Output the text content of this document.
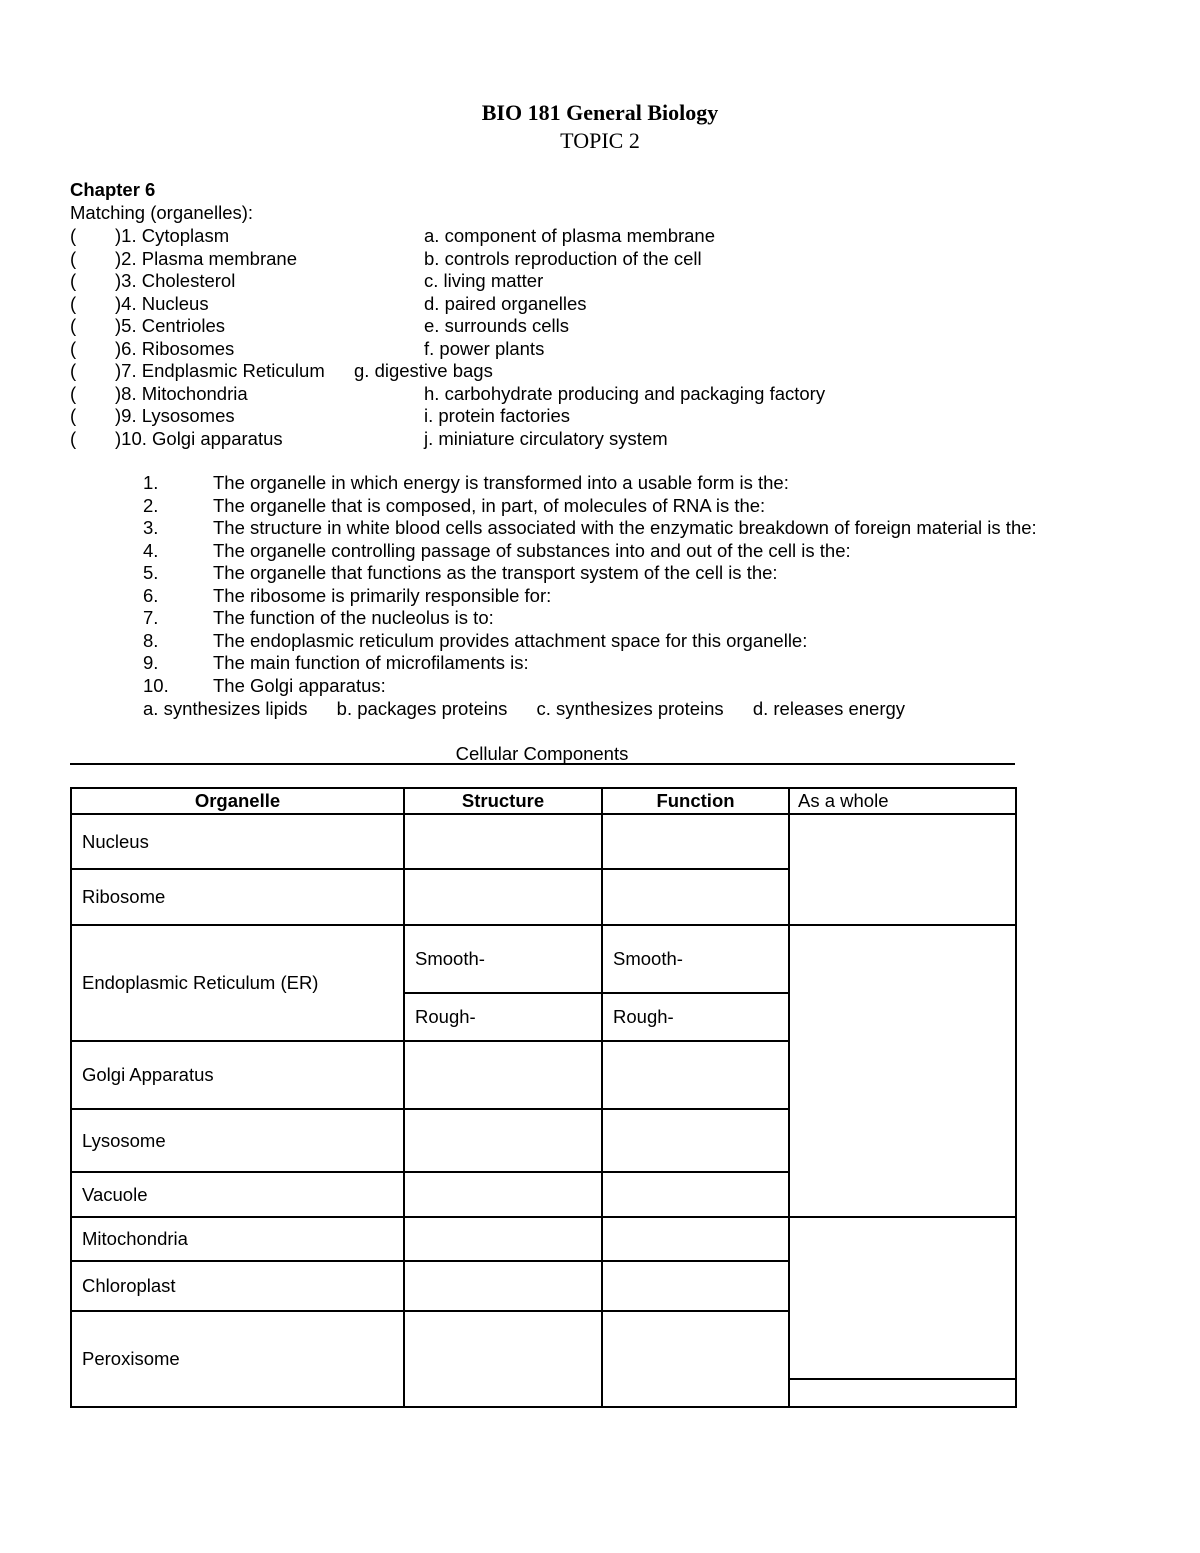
BIO 181 General Biology
TOPIC 2
Chapter 6
Matching (organelles):
( )1. Cytoplasm	a. component of plasma membrane
( )2. Plasma membrane	b. controls reproduction of the cell
( )3. Cholesterol	c. living matter
( )4. Nucleus	d. paired organelles
( )5. Centrioles	e. surrounds cells
( )6. Ribosomes	f. power plants
( )7. Endplasmic Reticulum g. digestive bags
( )8. Mitochondria	h. carbohydrate producing and packaging factory
( )9. Lysosomes	i. protein factories
( )10. Golgi apparatus	j. miniature circulatory system
1.	The organelle in which energy is transformed into a usable form is the:
2.	The organelle that is composed, in part, of molecules of RNA is the:
3.	The structure in white blood cells associated with the enzymatic breakdown of foreign material is the:
4.	The organelle controlling passage of substances into and out of the cell is the:
5.	The organelle that functions as the transport system of the cell is the:
6.	The ribosome is primarily responsible for:
7.	The function of the nucleolus is to:
8.	The endoplasmic reticulum provides attachment space for this organelle:
9.	The main function of microfilaments is:
10. The Golgi apparatus:
a. synthesizes lipids b. packages proteins c. synthesizes proteins d. releases energy
Cellular Components
Organelle	Structure	Function	As a whole
Nucleus			
Ribosome			
Endoplasmic Reticulum (ER)	Smooth-	Smooth-	
	Rough-	Rough-	
Golgi Apparatus			
Lysosome			
Vacuole			
Mitochondria			
Chloroplast			
Peroxisome			
